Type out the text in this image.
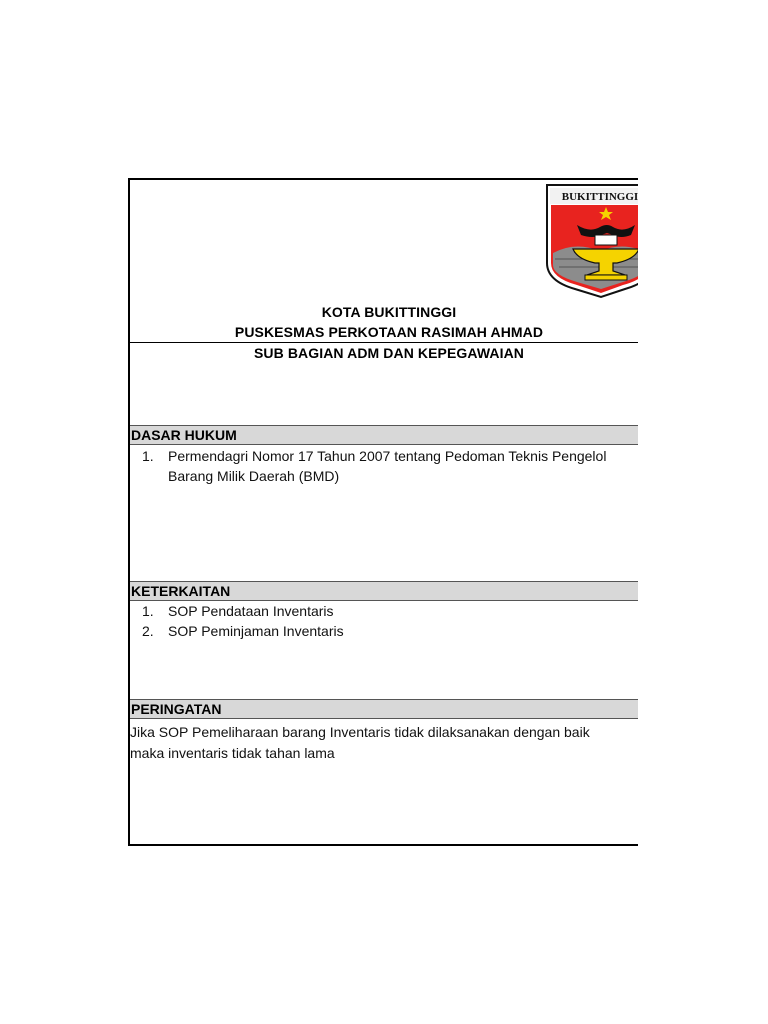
BUKITTINGGI
KOTA BUKITTINGGI
PUSKESMAS PERKOTAAN RASIMAH AHMAD
SUB BAGIAN ADM DAN KEPEGAWAIAN
DASAR HUKUM
1. Permendagri Nomor 17 Tahun 2007 tentang Pedoman Teknis Pengelol
Barang Milik Daerah (BMD)
KETERKAITAN
1. SOP Pendataan Inventaris
2. SOP Peminjaman Inventaris
PERINGATAN
Jika SOP Pemeliharaan barang Inventaris tidak dilaksanakan dengan baik
maka inventaris tidak tahan lama
